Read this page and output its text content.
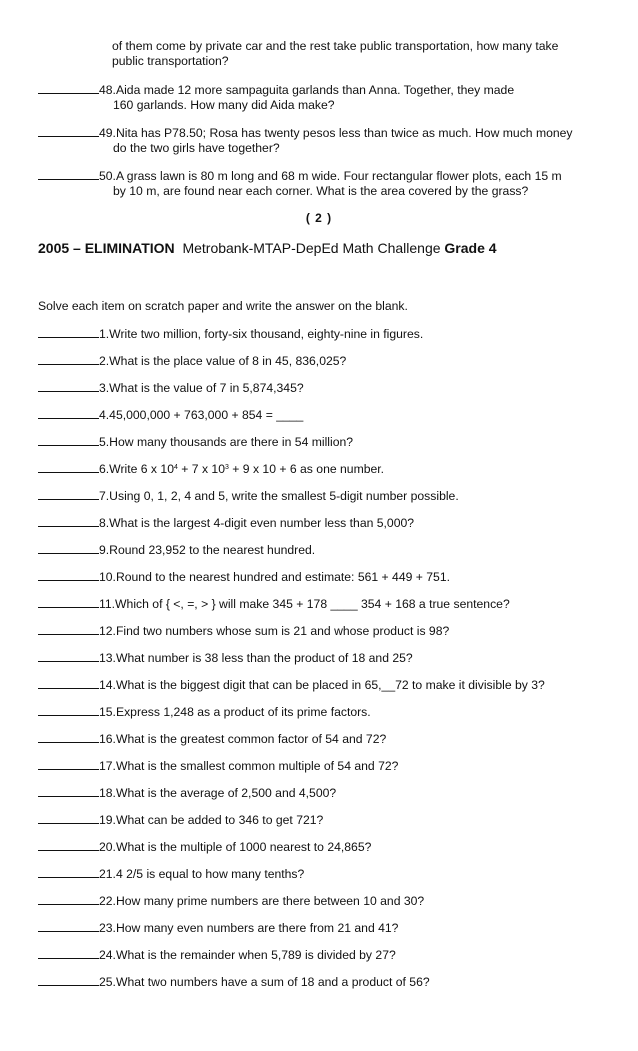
of them come by private car and the rest take public transportation, how many take
public transportation?
48.Aida made 12 more sampaguita garlands than Anna. Together, they made
160 garlands. How many did Aida make?
49.Nita has P78.50; Rosa has twenty pesos less than twice as much. How much money
do the two girls have together?
50.A grass lawn is 80 m long and 68 m wide. Four rectangular flower plots, each 15 m
by 10 m, are found near each corner. What is the area covered by the grass?
( 2 )
2005 – ELIMINATION Metrobank-MTAP-DepEd Math Challenge Grade 4
Solve each item on scratch paper and write the answer on the blank.
1.Write two million, forty-six thousand, eighty-nine in figures.
2.What is the place value of 8 in 45, 836,025?
3.What is the value of 7 in 5,874,345?
4.45,000,000 + 763,000 + 854 = ____
5.How many thousands are there in 54 million?
6.Write 6 x $10^4 + 7$ x $10^3 + 9$ x 10 + 6 as one number.
7.Using 0, 1, 2, 4 and 5, write the smallest 5-digit number possible.
8.What is the largest 4-digit even number less than 5,000?
9.Round 23,952 to the nearest hundred.
10.Round to the nearest hundred and estimate: 561 + 449 + 751.
11.Which of { <, =, > } will make 345 + 178 ____ 354 + 168 a true sentence?
12.Find two numbers whose sum is 21 and whose product is 98?
13.What number is 38 less than the product of 18 and 25?
14.What is the biggest digit that can be placed in 65,__72 to make it divisible by 3?
15.Express 1,248 as a product of its prime factors.
16.What is the greatest common factor of 54 and 72?
17.What is the smallest common multiple of 54 and 72?
18.What is the average of 2,500 and 4,500?
19.What can be added to 346 to get 721?
20.What is the multiple of 1000 nearest to 24,865?
21.4 2/5 is equal to how many tenths?
22.How many prime numbers are there between 10 and 30?
23.How many even numbers are there from 21 and 41?
24.What is the remainder when 5,789 is divided by 27?
25.What two numbers have a sum of 18 and a product of 56?
